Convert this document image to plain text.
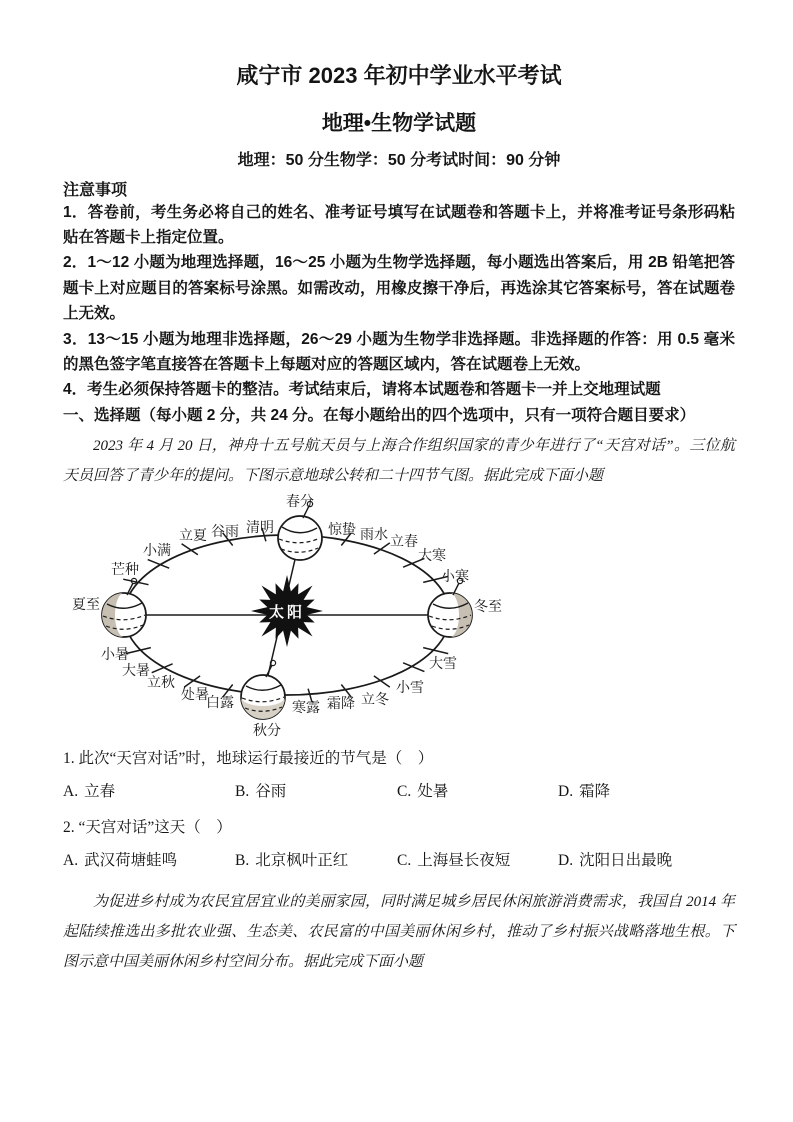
咸宁市 2023 年初中学业水平考试
地理•生物学试题
地理：50 分生物学：50 分考试时间：90 分钟
注意事项
1．答卷前，考生务必将自己的姓名、准考证号填写在试题卷和答题卡上，并将准考证号条形码粘贴在答题卡上指定位置。
2．1～12 小题为地理选择题，16～25 小题为生物学选择题，每小题选出答案后，用 2B 铅笔把答题卡上对应题目的答案标号涂黑。如需改动，用橡皮擦干净后，再选涂其它答案标号，答在试题卷上无效。
3．13～15 小题为地理非选择题，26～29 小题为生物学非选择题。非选择题的作答：用 0.5 毫米的黑色签字笔直接答在答题卡上每题对应的答题区域内，答在试题卷上无效。
4．考生必须保持答题卡的整洁。考试结束后，请将本试题卷和答题卡一并上交地理试题
一、选择题（每小题 2 分，共 24 分。在每小题给出的四个选项中，只有一项符合题目要求）
2023 年 4 月 20 日，神舟十五号航天员与上海合作组织国家的青少年进行了“天宫对话”。三位航天员回答了青少年的提问。下图示意地球公转和二十四节气图。据此完成下面小题
太阳
春分
清明
谷雨
立夏
小满
芒种
夏至
小暑
大暑
立秋
处暑
白露
秋分
寒露 霜降 立冬
小雪
大雪
冬至
小寒
大寒
立春
雨水
惊蛰
1. 此次“天宫对话”时，地球运行最接近的节气是（　）
A. 立春	B. 谷雨	C. 处暑	D. 霜降
2. “天宫对话”这天（　）
A. 武汉荷塘蛙鸣	B. 北京枫叶正红	C. 上海昼长夜短	D. 沈阳日出最晚
为促进乡村成为农民宜居宜业的美丽家园，同时满足城乡居民休闲旅游消费需求，我国自 2014 年起陆续推选出多批农业强、生态美、农民富的中国美丽休闲乡村，推动了乡村振兴战略落地生根。下图示意中国美丽休闲乡村空间分布。据此完成下面小题
